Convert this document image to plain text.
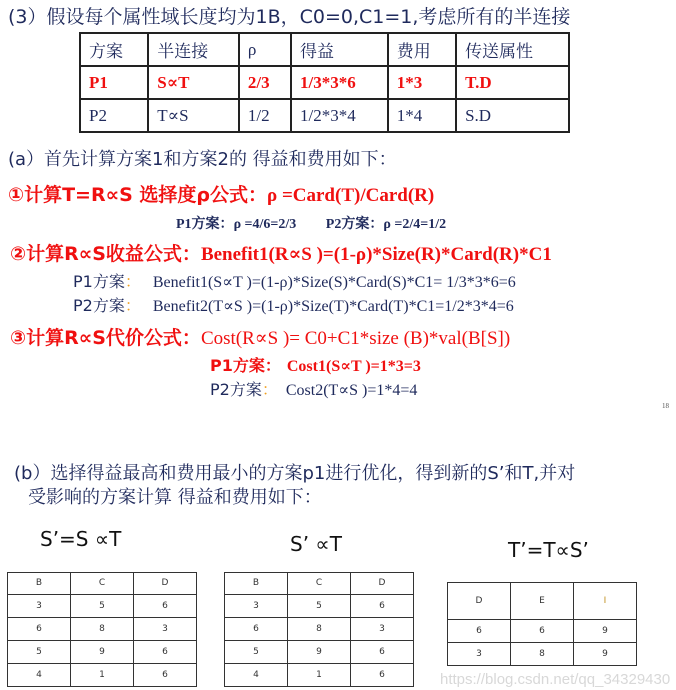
(3）假设每个属性域长度均为1B，C0=0,C1=1,考虑所有的半连接
方案	半连接	ρ	得益	费用	传送属性
P1	S∝T	2/3	1/3*3*6	1*3	T.D
P2	T∝S	1/2	1/2*3*4	1*4	S.D
(a）首先计算方案1和方案2的 得益和费用如下：
①计算T=R∝S 选择度ρ公式：ρ =Card(T)/Card(R)
P1方案：ρ =4/6=2/3 P2方案：ρ =2/4=1/2
②计算R∝S收益公式：Benefit1(R∝S )=(1-ρ)*Size(R)*Card(R)*C1
P1方案： Benefit1(S∝T )=(1-ρ)*Size(S)*Card(S)*C1= 1/3*3*6=6
P2方案： Benefit2(T∝S )=(1-ρ)*Size(T)*Card(T)*C1=1/2*3*4=6
③计算R∝S代价公式：Cost(R∝S )= C0+C1*size (B)*val(B[S])
P1方案： Cost1(S∝T )=1*3=3
P2方案： Cost2(T∝S )=1*4=4
18
(b）选择得益最高和费用最小的方案p1进行优化，得到新的S’和T,并对
受影响的方案计算 得益和费用如下：
S’=S ∝T	S’ ∝T	T’=T∝S’
B	C	D
3	5	6
6	8	3
5	9	6
4	1	6
B	C	D
3	5	6
6	8	3
5	9	6
4	1	6
D	E	I
6	6	9
3	8	9
https://blog.csdn.net/qq_34329430
